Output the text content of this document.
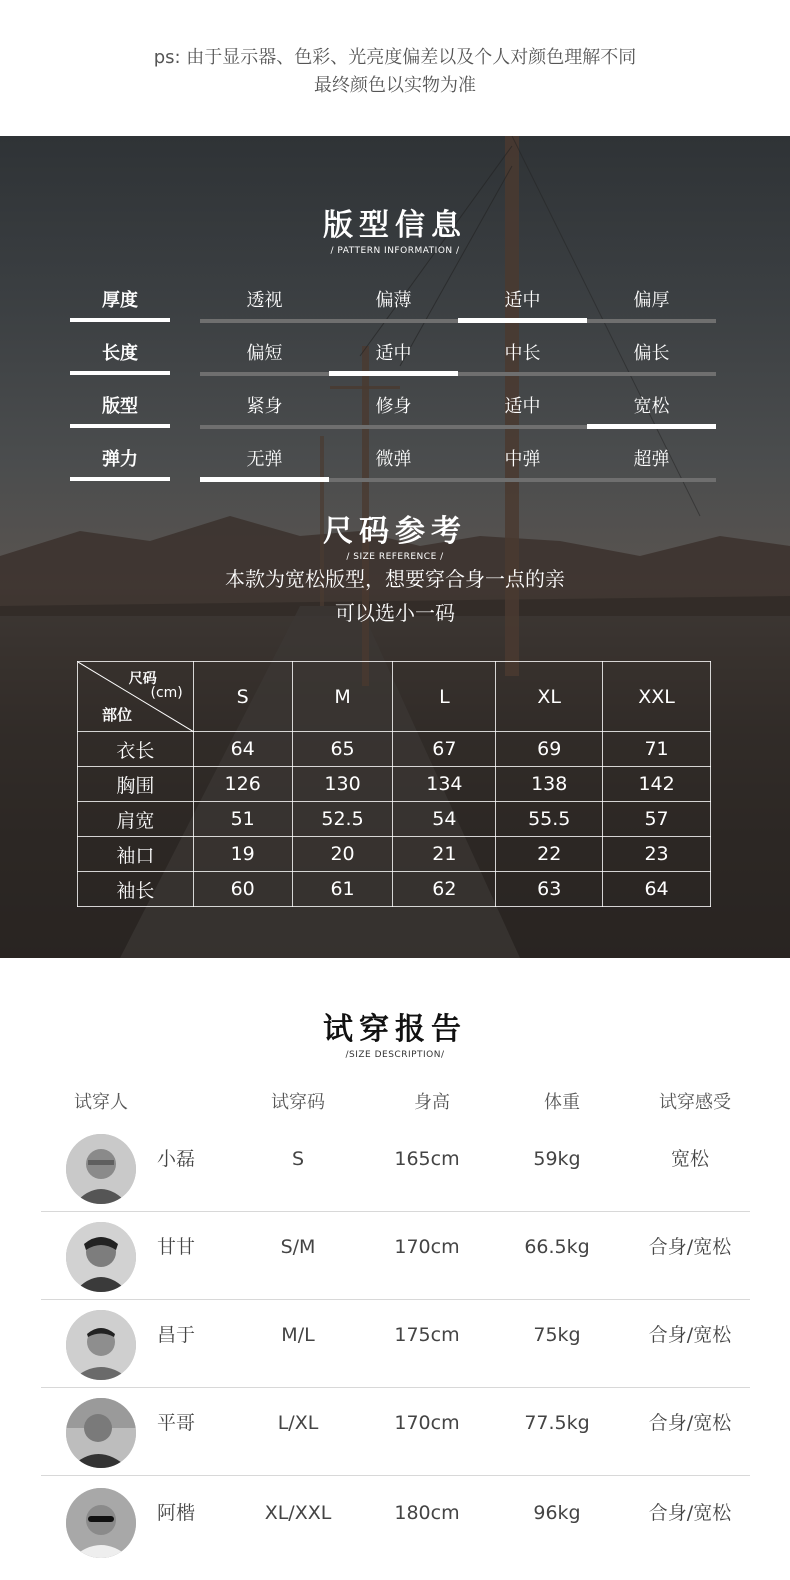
ps: 由于显示器、色彩、光亮度偏差以及个人对颜色理解不同
最终颜色以实物为准
版型信息
/ PATTERN INFORMATION /
厚度	透视	偏薄	适中	偏厚
长度	偏短	适中	中长	偏长
版型	紧身	修身	适中	宽松
弹力	无弹	微弹	中弹	超弹
尺码参考
/ SIZE REFERENCE /
本款为宽松版型，想要穿合身一点的亲
可以选小一码
尺码
(cm)
部位	S	M	L	XL	XXL
衣长	64	65	67	69	71
胸围	126	130	134	138	142
肩宽	51	52.5	54	55.5	57
袖口	19	20	21	22	23
袖长	60	61	62	63	64
试穿报告
/SIZE DESCRIPTION/
试穿人	试穿码	身高	体重	试穿感受
小磊	S	165cm	59kg	宽松
甘甘	S/M	170cm	66.5kg	合身/宽松
昌于	M/L	175cm	75kg	合身/宽松
平哥	L/XL	170cm	77.5kg	合身/宽松
阿楷	XL/XXL	180cm	96kg	合身/宽松
